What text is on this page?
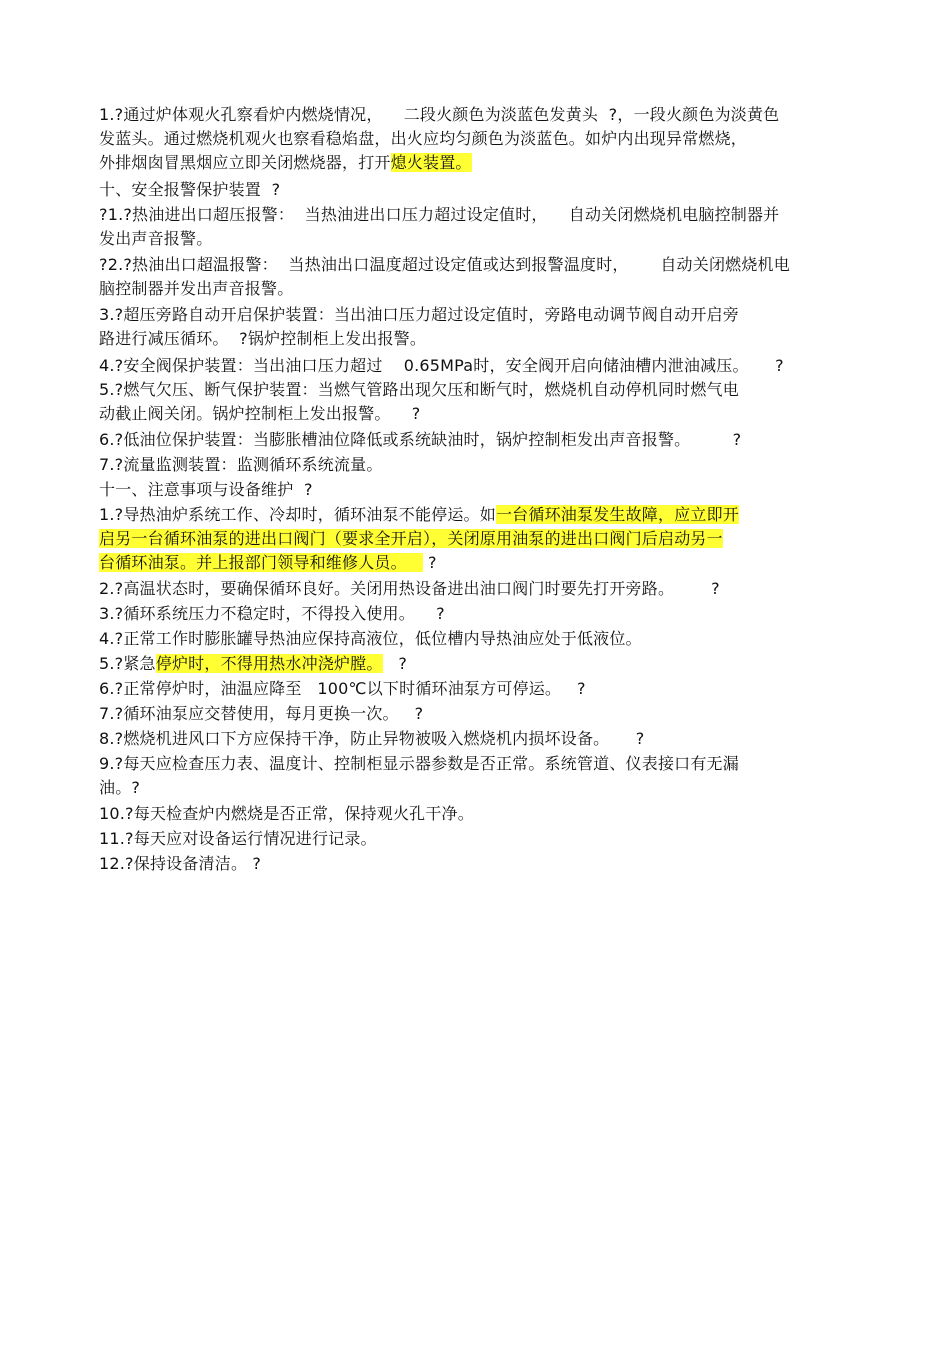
1.?通过炉体观火孔察看炉内燃烧情况，    二段火颜色为淡蓝色发黄头  ?，一段火颜色为淡黄色
发蓝头。通过燃烧机观火也察看稳焰盘，出火应均匀颜色为淡蓝色。如炉内出现异常燃烧，
外排烟囱冒黑烟应立即关闭燃烧器，打开熄火装置。
十、安全报警保护装置  ?
?1.?热油进出口超压报警：  当热油进出口压力超过设定值时，    自动关闭燃烧机电脑控制器并
发出声音报警。
?2.?热油出口超温报警：  当热油出口温度超过设定值或达到报警温度时，      自动关闭燃烧机电
脑控制器并发出声音报警。
3.?超压旁路自动开启保护装置：当出油口压力超过设定值时，旁路电动调节阀自动开启旁
路进行减压循环。  ?锅炉控制柜上发出报警。
4.?安全阀保护装置：当出油口压力超过    0.65MPa时，安全阀开启向储油槽内泄油减压。     ?
5.?燃气欠压、断气保护装置：当燃气管路出现欠压和断气时，燃烧机自动停机同时燃气电
动截止阀关闭。锅炉控制柜上发出报警。    ?
6.?低油位保护装置：当膨胀槽油位降低或系统缺油时，锅炉控制柜发出声音报警。        ?
7.?流量监测装置：监测循环系统流量。
十一、注意事项与设备维护  ?
1.?导热油炉系统工作、冷却时，循环油泵不能停运。如一台循环油泵发生故障，应立即开
启另一台循环油泵的进出口阀门（要求全开启），关闭原用油泵的进出口阀门后启动另一
台循环油泵。并上报部门领导和维修人员。    ?
2.?高温状态时，要确保循环良好。关闭用热设备进出油口阀门时要先打开旁路。       ?
3.?循环系统压力不稳定时，不得投入使用。    ?
4.?正常工作时膨胀罐导热油应保持高液位，低位槽内导热油应处于低液位。
5.?紧急停炉时，不得用热水冲浇炉膛。   ?
6.?正常停炉时，油温应降至   100℃以下时循环油泵方可停运。   ?
7.?循环油泵应交替使用，每月更换一次。   ?
8.?燃烧机进风口下方应保持干净，防止异物被吸入燃烧机内损坏设备。     ?
9.?每天应检查压力表、温度计、控制柜显示器参数是否正常。系统管道、仪表接口有无漏
油。?
10.?每天检查炉内燃烧是否正常，保持观火孔干净。
11.?每天应对设备运行情况进行记录。
12.?保持设备清洁。 ?
